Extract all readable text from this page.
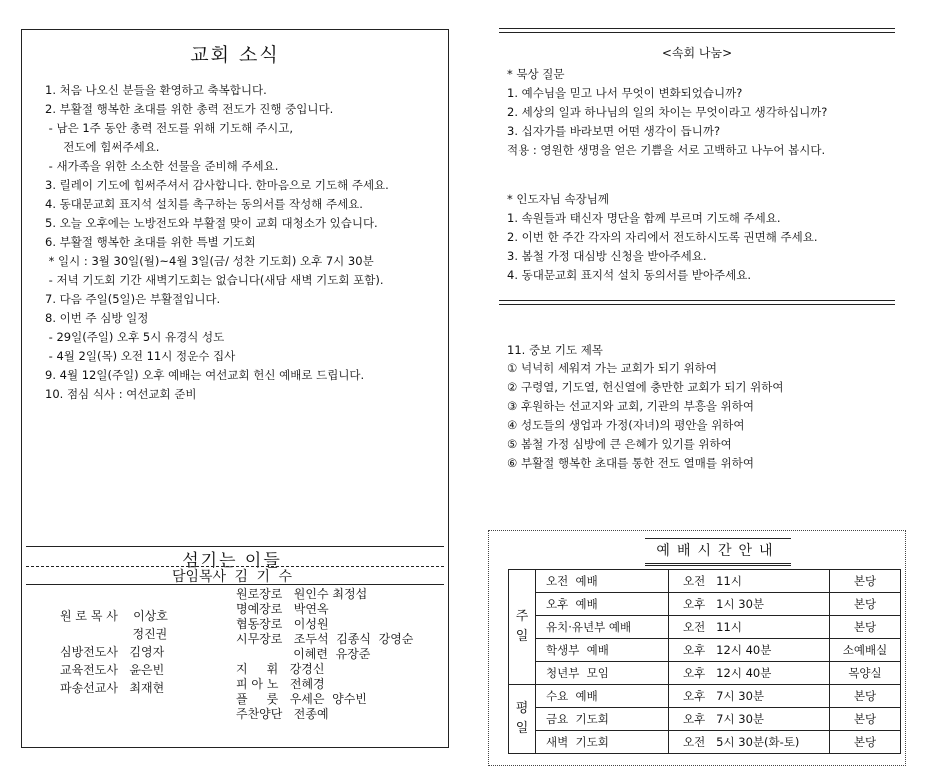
교회 소식
1. 처음 나오신 분들을 환영하고 축복합니다.
2. 부활절 행복한 초대를 위한 총력 전도가 진행 중입니다.
- 남은 1주 동안 총력 전도를 위해 기도해 주시고,
전도에 힘써주세요.
- 새가족을 위한 소소한 선물을 준비해 주세요.
3. 릴레이 기도에 힘써주셔서 감사합니다. 한마음으로 기도해 주세요.
4. 동대문교회 표지석 설치를 촉구하는 동의서를 작성해 주세요.
5. 오늘 오후에는 노방전도와 부활절 맞이 교회 대청소가 있습니다.
6. 부활절 행복한 초대를 위한 특별 기도회
* 일시 : 3월 30일(월)~4월 3일(금/ 성찬 기도회) 오후 7시 30분
- 저녁 기도회 기간 새벽기도회는 없습니다(새담 새벽 기도회 포함).
7. 다음 주일(5일)은 부활절입니다.
8. 이번 주 심방 일정
- 29일(주일) 오후 5시 유경식 성도
- 4월 2일(목) 오전 11시 정운수 집사
9. 4월 12일(주일) 오후 예배는 여선교회 헌신 예배로 드립니다.
10. 점심 식사 : 여선교회 준비
섬기는 이들
담임목사 김 기 수
원 로 목 사    이상호
정진권
심방전도사   김영자
교육전도사   윤은빈
파송선교사   최재현
원로장로   원인수 최정섭
명예장로   박연옥
협동장로   이성원
시무장로   조두석  김종식  강영순
이혜련  유장준
지     휘   강경신
피 아 노   전혜경
플     룻   우세은  양수빈
주찬양단   전종예
<속회 나눔>
* 묵상 질문
1. 예수님을 믿고 나서 무엇이 변화되었습니까?
2. 세상의 일과 하나님의 일의 차이는 무엇이라고 생각하십니까?
3. 십자가를 바라보면 어떤 생각이 듭니까?
적용 : 영원한 생명을 얻은 기쁨을 서로 고백하고 나누어 봅시다.
* 인도자님 속장님께
1. 속원들과 태신자 명단을 함께 부르며 기도해 주세요.
2. 이번 한 주간 각자의 자리에서 전도하시도록 권면해 주세요.
3. 봄철 가정 대심방 신청을 받아주세요.
4. 동대문교회 표지석 설치 동의서를 받아주세요.
11. 중보 기도 제목
① 넉넉히 세워져 가는 교회가 되기 위하여
② 구령열, 기도열, 헌신열에 충만한 교회가 되기 위하여
③ 후원하는 선교지와 교회, 기관의 부흥을 위하여
④ 성도들의 생업과 가정(자녀)의 평안을 위하여
⑤ 봄철 가정 심방에 큰 은혜가 있기를 위하여
⑥ 부활절 행복한 초대를 통한 전도 열매를 위하여
예배시간안내
주
일	오전  예배	오전   11시	본당
	오후  예배	오후   1시 30분	본당
	유치·유년부 예배	오전   11시	본당
	학생부  예배	오후   12시 40분	소예배실
	청년부  모임	오후   12시 40분	목양실

평
일	수요  예배	오후   7시 30분	본당
	금요  기도회	오후   7시 30분	본당
	새벽  기도회	오전   5시 30분(화-토)	본당
